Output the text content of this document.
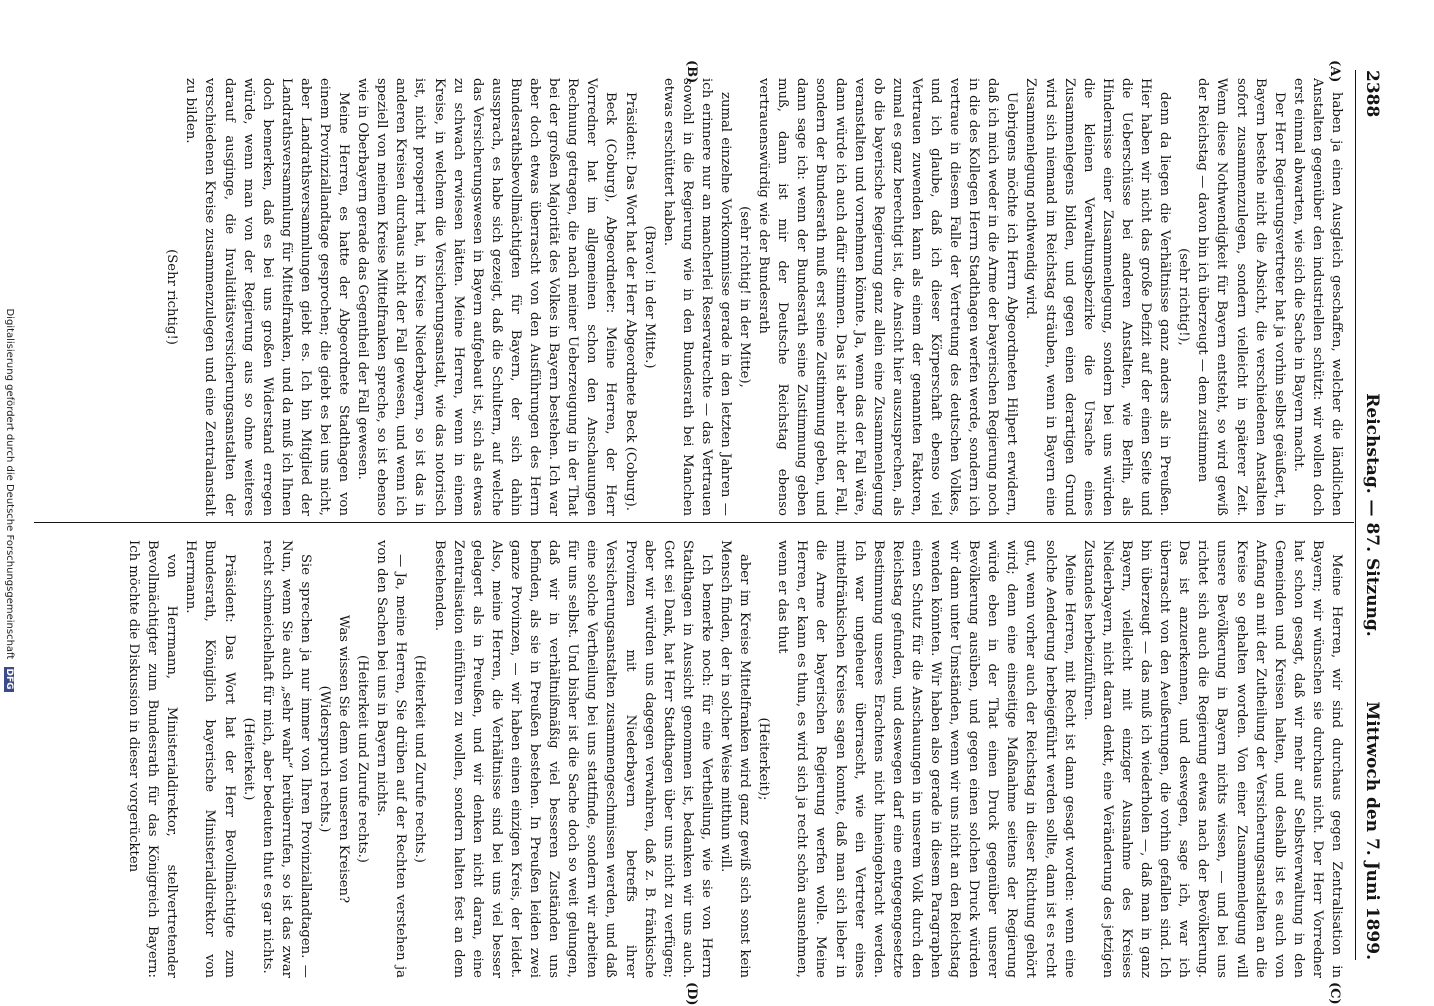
2388
Reichstag. — 87. Sitzung.
Mittwoch den 7. Juni 1899.
(A)
(B)
(C)
(D)

haben ja einen Ausgleich geschaffen, welcher die ländlichen Anstalten gegenüber den industriellen schützt: wir wollen doch erst einmal abwarten, wie sich die Sache in Bayern macht.

Der Herr Regierungsvertreter hat ja vorhin selbst geäußert, in Bayern bestehe nicht die Absicht, die verschiedenen Anstalten sofort zusammenzulegen, sondern vielleicht in späterer Zeit. Wenn diese Nothwendigkeit für Bayern entsteht, so wird gewiß der Reichstag — davon bin ich überzeugt — dem zustimmen

(sehr richtig!),

denn da liegen die Verhältnisse ganz anders als in Preußen. Hier haben wir nicht das große Defizit auf der einen Seite und die Ueberschüsse bei anderen Anstalten, wie Berlin, als Hindernisse einer Zusammenlegung, sondern bei uns würden die kleinen Verwaltungsbezirke die Ursache eines Zusammenlegens bilden, und gegen einen derartigen Grund wird sich niemand im Reichstag sträuben, wenn in Bayern eine Zusammenlegung nothwendig wird.

Uebrigens möchte ich Herrn Abgeordneten Hilpert erwidern, daß ich mich weder in die Arme der bayerischen Regierung noch in die des Kollegen Herrn Stadthagen werfen werde, sondern ich vertraue in diesem Falle der Vertretung des deutschen Volkes, und ich glaube, daß ich dieser Körperschaft ebenso viel Vertrauen zuwenden kann als einem der genannten Faktoren, zumal es ganz berechtigt ist, die Ansicht hier auszusprechen, als ob die bayerische Regierung ganz allein eine Zusammenlegung veranstalten und vornehmen könnte. Ja, wenn das der Fall wäre, dann würde ich auch dafür stimmen. Das ist aber nicht der Fall, sondern der Bundesrath muß erst seine Zustimmung geben, und dann sage ich: wenn der Bundesrath seine Zustimmung geben muß, dann ist mir der Deutsche Reichstag ebenso vertrauenswürdig wie der Bundesrath

(sehr richtig! in der Mitte),

zumal einzelne Vorkommnisse gerade in den letzten Jahren — ich erinnere nur an mancherlei Reservatrechte — das Vertrauen sowohl in die Regierung wie in den Bundesrath bei Manchen etwas erschüttert haben.

(Bravo! in der Mitte.)

Präsident: Das Wort hat der Herr Abgeordnete Beck (Coburg).

Beck (Coburg), Abgeordneter: Meine Herren, der Herr Vorredner hat im allgemeinen schon den Anschauungen Rechnung getragen, die nach meiner Ueberzeugung in der That bei der großen Majorität des Volkes in Bayern bestehen. Ich war aber doch etwas überrascht von den Ausführungen des Herrn Bundesrathsbevollmächtigten für Bayern, der sich dahin aussprach, es habe sich gezeigt, daß die Schultern, auf welche das Versicherungswesen in Bayern aufgebaut ist, sich als etwas zu schwach erwiesen hätten. Meine Herren, wenn in einem Kreise, in welchem die Versicherungsanstalt, wie das notorisch ist, nicht prosperirt hat, in Kreise Niederbayern, so ist das in anderen Kreisen durchaus nicht der Fall gewesen, und wenn ich speziell von meinem Kreise Mittelfranken spreche, so ist ebenso wie in Oberbayern gerade das Gegentheil der Fall gewesen.

Meine Herren, es hatte der Abgeordnete Stadthagen von einem Provinziallandtage gesprochen; die giebt es bei uns nicht, aber Landrathsversammlungen giebt es. Ich bin Mitglied der Landrathsversammlung für Mittelfranken, und da muß ich Ihnen doch bemerken, daß es bei uns großen Widerstand erregen würde, wenn man von der Regierung aus so ohne weiteres darauf ausginge, die Invaliditätsversicherungsanstalten der verschiedenen Kreise zusammenzulegen und eine Zentralanstalt zu bilden.

(Sehr richtig!)

Meine Herren, wir sind durchaus gegen Zentralisation in Bayern; wir wünschen sie durchaus nicht. Der Herr Vorredner hat schon gesagt, daß wir mehr auf Selbstverwaltung in den Gemeinden und Kreisen halten, und deshalb ist es auch von Anfang an mit der Zutheilung der Versicherungsanstalten an die Kreise so gehalten worden. Von einer Zusammenlegung will unsere Bevölkerung in Bayern nichts wissen, — und bei uns richtet sich auch die Regierung etwas nach der Bevölkerung. Das ist anzuerkennen, und deswegen, sage ich, war ich überrascht von den Aeußerungen, die vorhin gefallen sind. Ich bin überzeugt — das muß ich wiederholen —, daß man in ganz Bayern, vielleicht mit einziger Ausnahme des Kreises Niederbayern, nicht daran denkt, eine Veränderung des jetzigen Zustandes herbeizuführen.

Meine Herren, mit Recht ist dann gesagt worden: wenn eine solche Aenderung herbeigeführt werden sollte, dann ist es recht gut, wenn vorher auch der Reichstag in dieser Richtung gehört wird; denn eine einseitige Maßnahme seitens der Regierung würde eben in der That einen Druck gegenüber unserer Bevölkerung ausüben, und gegen einen solchen Druck würden wir dann unter Umständen, wenn wir uns nicht an den Reichstag wenden könnten. Wir haben also gerade in diesem Paragraphen einen Schutz für die Anschauungen in unserem Volk durch den Reichstag gefunden, und deswegen darf eine entgegengesetzte Bestimmung unseres Erachtens nicht hineingebracht werden. Ich war ungeheuer überrascht, wie ein Vertreter eines mittelfränkischen Kreises sagen konnte, daß man sich lieber in die Arme der bayerischen Regierung werfen wolle. Meine Herren, er kann es thun, es wird sich ja recht schön ausnehmen, wenn er das thut

(Heiterkeit);

aber im Kreise Mittelfranken wird ganz gewiß sich sonst kein Mensch finden, der in solcher Weise mitthun will.

Ich bemerke noch: für eine Vertheilung, wie sie von Herrn Stadthagen in Aussicht genommen ist, bedanken wir uns auch. Gott sei Dank, hat Herr Stadthagen über uns nicht zu verfügen; aber wir würden uns dagegen verwahren, daß z. B. fränkische Provinzen mit Niederbayern betreffs ihrer Versicherungsanstalten zusammengeschmissen werden, und daß eine solche Vertheilung bei uns stattfinde, sondern wir arbeiten für uns selbst. Und bisher ist die Sache doch so weit gelungen, daß wir in verhältnißmäßig viel besseren Zuständen uns befinden, als sie in Preußen bestehen. In Preußen leiden zwei ganze Provinzen, — wir haben einen einzigen Kreis, der leidet. Also, meine Herren, die Verhältnisse sind bei uns viel besser gelagert als in Preußen, und wir denken nicht daran, eine Zentralisation einführen zu wollen, sondern halten fest an dem Bestehenden.

(Heiterkeit und Zurufe rechts.)

— Ja, meine Herren, Sie drüben auf der Rechten verstehen ja von den Sachen bei uns in Bayern nichts.

(Heiterkeit und Zurufe rechts.)

Was wissen Sie denn von unseren Kreisen?

(Widerspruch rechts.)

Sie sprechen ja nur immer von Ihren Provinziallandtagen. — Nun, wenn Sie auch „sehr wahr“ herüberrufen, so ist das zwar recht schmeichelhaft für mich, aber bedeuten thut es gar nichts.

(Heiterkeit.)

Präsident: Das Wort hat der Herr Bevollmächtigte zum Bundesrath, Königlich bayerische Ministerialdirektor von Herrmann.

von Herrmann, Ministerialdirektor, stellvertretender Bevollmächtigter zum Bundesrath für das Königreich Bayern: Ich möchte die Diskussion in dieser vorgerückten

Digitalisierung gefördert durch die Deutsche Forschungsgemeinschaft DFG
